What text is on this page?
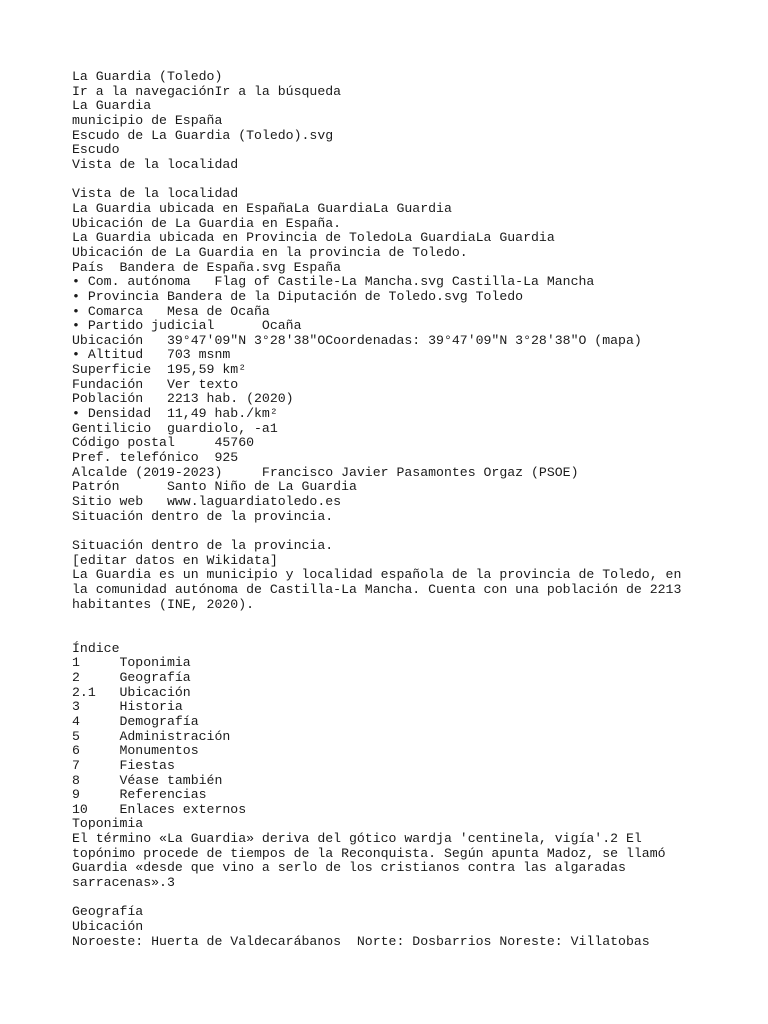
La Guardia (Toledo)
Ir a la navegaciónIr a la búsqueda
La Guardia
municipio de España
Escudo de La Guardia (Toledo).svg
Escudo
Vista de la localidad
Vista de la localidad
La Guardia ubicada en EspañaLa GuardiaLa Guardia
Ubicación de La Guardia en España.
La Guardia ubicada en Provincia de ToledoLa GuardiaLa Guardia
Ubicación de La Guardia en la provincia de Toledo.
País  Bandera de España.svg España
• Com. autónoma   Flag of Castile-La Mancha.svg Castilla-La Mancha
• Provincia Bandera de la Diputación de Toledo.svg Toledo
• Comarca   Mesa de Ocaña
• Partido judicial      Ocaña
Ubicación   39°47′09″N 3°28′38″OCoordenadas: 39°47′09″N 3°28′38″O (mapa)
• Altitud   703 msnm
Superficie  195,59 km²
Fundación   Ver texto
Población   2213 hab. (2020)
• Densidad  11,49 hab./km²
Gentilicio  guardiolo, -a1
Código postal     45760
Pref. telefónico  925
Alcalde (2019-2023)     Francisco Javier Pasamontes Orgaz (PSOE)
Patrón      Santo Niño de La Guardia
Sitio web   www.laguardiatoledo.es
Situación dentro de la provincia.
Situación dentro de la provincia.
[editar datos en Wikidata]
La Guardia es un municipio y localidad española de la provincia de Toledo, en la comunidad autónoma de Castilla-La Mancha. Cuenta con una población de 2213 habitantes (INE, 2020).
Índice
1     Toponimia
2     Geografía
2.1   Ubicación
3     Historia
4     Demografía
5     Administración
6     Monumentos
7     Fiestas
8     Véase también
9     Referencias
10    Enlaces externos
Toponimia
El término «La Guardia» deriva del gótico wardja 'centinela, vigía'.2 El topónimo procede de tiempos de la Reconquista. Según apunta Madoz, se llamó Guardia «desde que vino a serlo de los cristianos contra las algaradas sarracenas».3
Geografía
Ubicación
Noroeste: Huerta de Valdecarábanos  Norte: Dosbarrios Noreste: Villatobas
